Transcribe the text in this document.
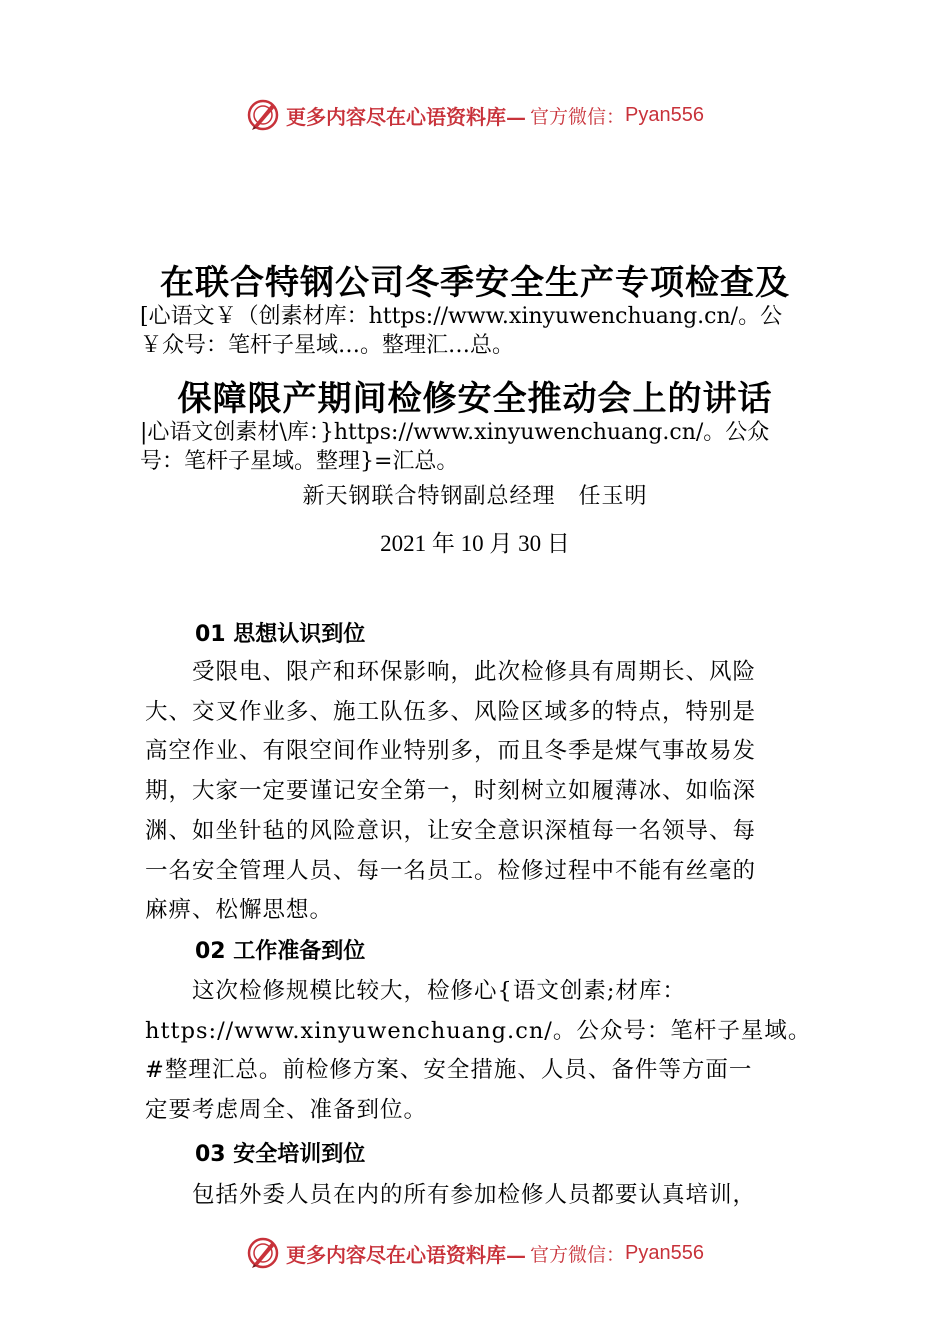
更多内容尽在心语资料库— 官方微信： Pyan556
在联合特钢公司冬季安全生产专项检查及
[心语文￥（创素材库：https://www.xinyuwenchuang.cn/。公
￥众号：笔杆子星域…。整理汇…总。
保障限产期间检修安全推动会上的讲话
|心语文创素材\库：}https://www.xinyuwenchuang.cn/。公众
号：笔杆子星域。整理}=汇总。
新天钢联合特钢副总经理　任玉明
2021 年 10 月 30 日
01 思想认识到位
　　受限电、限产和环保影响，此次检修具有周期长、风险
大、交叉作业多、施工队伍多、风险区域多的特点，特别是
高空作业、有限空间作业特别多，而且冬季是煤气事故易发
期，大家一定要谨记安全第一，时刻树立如履薄冰、如临深
渊、如坐针毡的风险意识，让安全意识深植每一名领导、每
一名安全管理人员、每一名员工。检修过程中不能有丝毫的
麻痹、松懈思想。
02 工作准备到位
　　这次检修规模比较大，检修心{语文创素;材库：
https://www.xinyuwenchuang.cn/。公众号：笔杆子星域。
#整理汇总。前检修方案、安全措施、人员、备件等方面一
定要考虑周全、准备到位。
03 安全培训到位
　　包括外委人员在内的所有参加检修人员都要认真培训，
更多内容尽在心语资料库— 官方微信： Pyan556
